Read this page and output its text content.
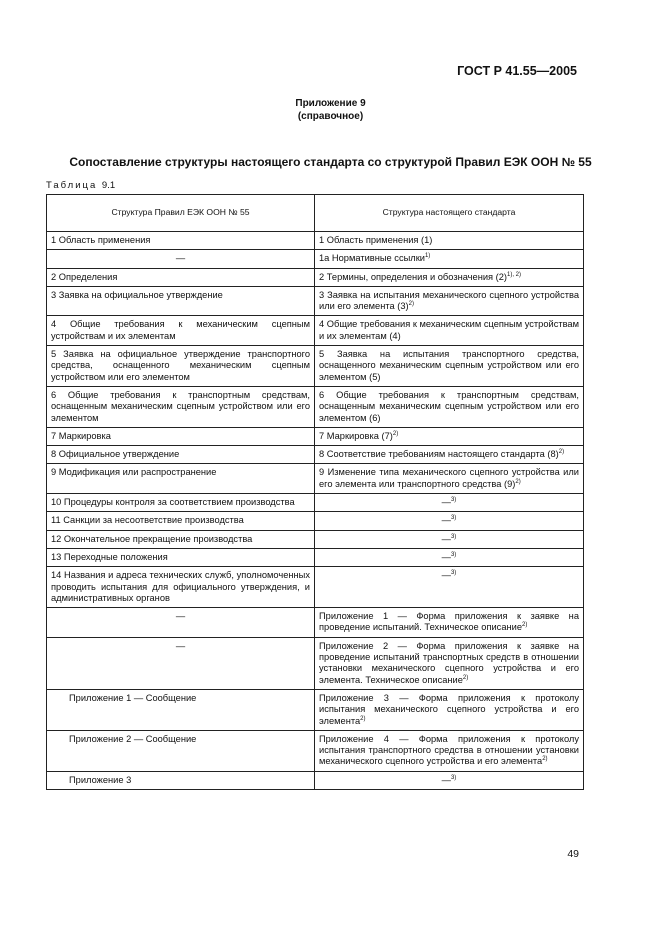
ГОСТ Р 41.55—2005
Приложение 9
(справочное)
Сопоставление структуры настоящего стандарта со структурой Правил ЕЭК ООН № 55
Таблица 9.1
Структура Правил ЕЭК ООН № 55	Структура настоящего стандарта
1 Область применения	1 Область применения (1)
—	1а Нормативные ссылки$^{1)}$
2 Определения	2 Термины, определения и обозначения $(2)^{1), 2)}$
3 Заявка на официальное утверждение	3 Заявка на испытания механического сцепного устройства или его элемента $(3)^{2)}$
4 Общие требования к механическим сцепным устройствам и их элементам	4 Общие требования к механическим сцепным устройствам и их элементам (4)
5 Заявка на официальное утверждение транспортного средства, оснащенного механическим сцепным устройством или его элементом	5 Заявка на испытания транспортного средства, оснащенного механическим сцепным устройством или его элементом (5)
6 Общие требования к транспортным средствам, оснащенным механическим сцепным устройством или его элементом	6 Общие требования к транспортным средствам, оснащенным механическим сцепным устройством или его элементом (6)
7 Маркировка	7 Маркировка $(7)^{2)}$
8 Официальное утверждение	8 Соответствие требованиям настоящего стандарта $(8)^{2)}$
9 Модификация или распространение	9 Изменение типа механического сцепного устройства или его элемента или транспортного средства $(9)^{2)}$
10 Процедуры контроля за соответствием производства	—$^{3)}$
11 Санкции за несоответствие производства	—$^{3)}$
12 Окончательное прекращение производства	—$^{3)}$
13 Переходные положения	—$^{3)}$
14 Названия и адреса технических служб, уполномоченных проводить испытания для официального утверждения, и административных органов	—$^{3)}$
—	Приложение 1 — Форма приложения к заявке на проведение испытаний. Техническое описание$^{2)}$
—	Приложение 2 — Форма приложения к заявке на проведение испытаний транспортных средств в отношении установки механического сцепного устройства и его элемента. Техническое описание$^{2)}$
Приложение 1 — Сообщение	Приложение 3 — Форма приложения к протоколу испытания механического сцепного устройства и его элемента$^{2)}$
Приложение 2 — Сообщение	Приложение 4 — Форма приложения к протоколу испытания транспортного средства в отношении установки механического сцепного устройства и его элемента$^{2)}$
Приложение 3	—$^{3)}$
49
